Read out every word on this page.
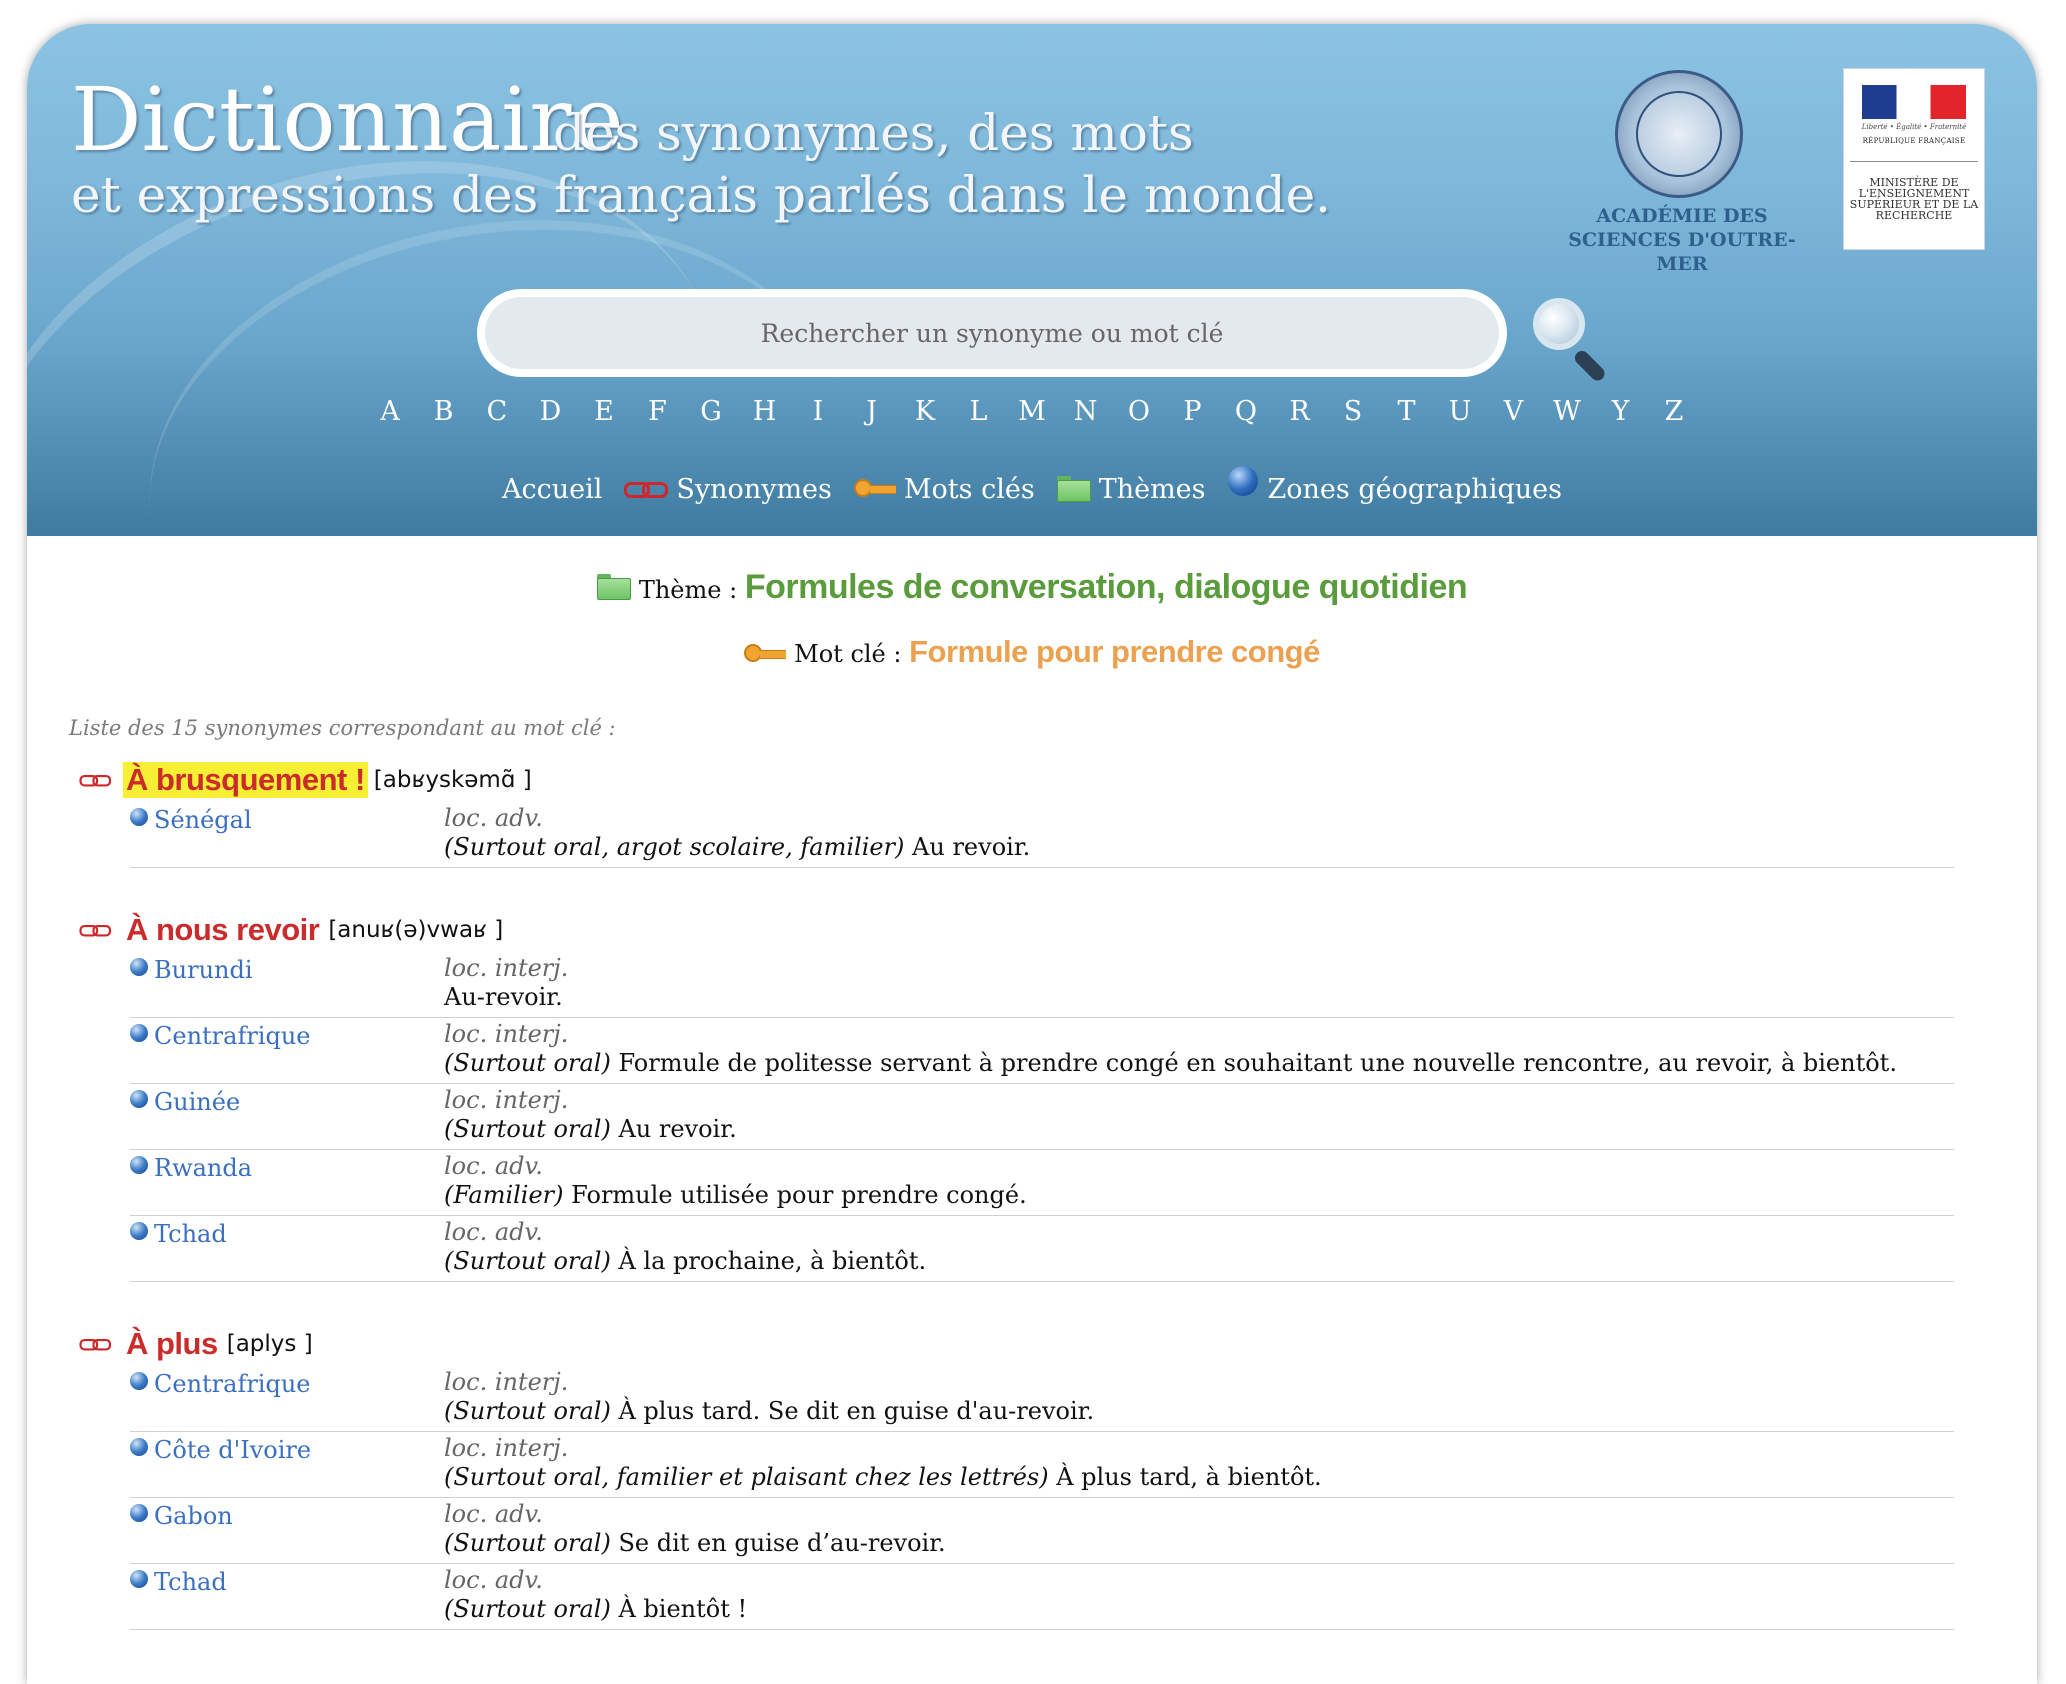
Dictionnaire
des synonymes, des mots
et expressions des français parlés dans le monde.	ACADÉMIE DES SCIENCES D'OUTRE-MER
Liberté • Égalité • Fraternité
RÉPUBLIQUE FRANÇAISE
MINISTÈRE DE L'ENSEIGNEMENT SUPÉRIEUR ET DE LA RECHERCHE
Rechercher un synonyme ou mot clé
A	B	C	D	E	F	G	H	I	J	K	L	M	N	O	P	Q	R	S	T	U	V	W	Y	Z
Accueil	Synonymes	Mots clés Thèmes Zones géographiques
Thème : Formules de conversation, dialogue quotidien
Mot clé : Formule pour prendre congé
Liste des 15 synonymes correspondant au mot clé :
À brusquement ! [abʁyskəmɑ̃ ]
Sénégal	loc. adv.
(Surtout oral, argot scolaire, familier) Au revoir.
À nous revoir [anuʁ(ə)vwaʁ ]
Burundi	loc. interj.
Au-revoir.
Centrafrique	loc. interj.
(Surtout oral) Formule de politesse servant à prendre congé en souhaitant une nouvelle rencontre, au revoir, à bientôt.
Guinée	loc. interj.
(Surtout oral) Au revoir.
Rwanda	loc. adv.
(Familier) Formule utilisée pour prendre congé.
Tchad	loc. adv.
(Surtout oral) À la prochaine, à bientôt.
À plus [aplys ]
Centrafrique	loc. interj.
(Surtout oral) À plus tard. Se dit en guise d'au-revoir.
Côte d'Ivoire	loc. interj.
(Surtout oral, familier et plaisant chez les lettrés) À plus tard, à bientôt.
Gabon	loc. adv.
(Surtout oral) Se dit en guise d’au-revoir.
Tchad	loc. adv.
(Surtout oral) À bientôt !
